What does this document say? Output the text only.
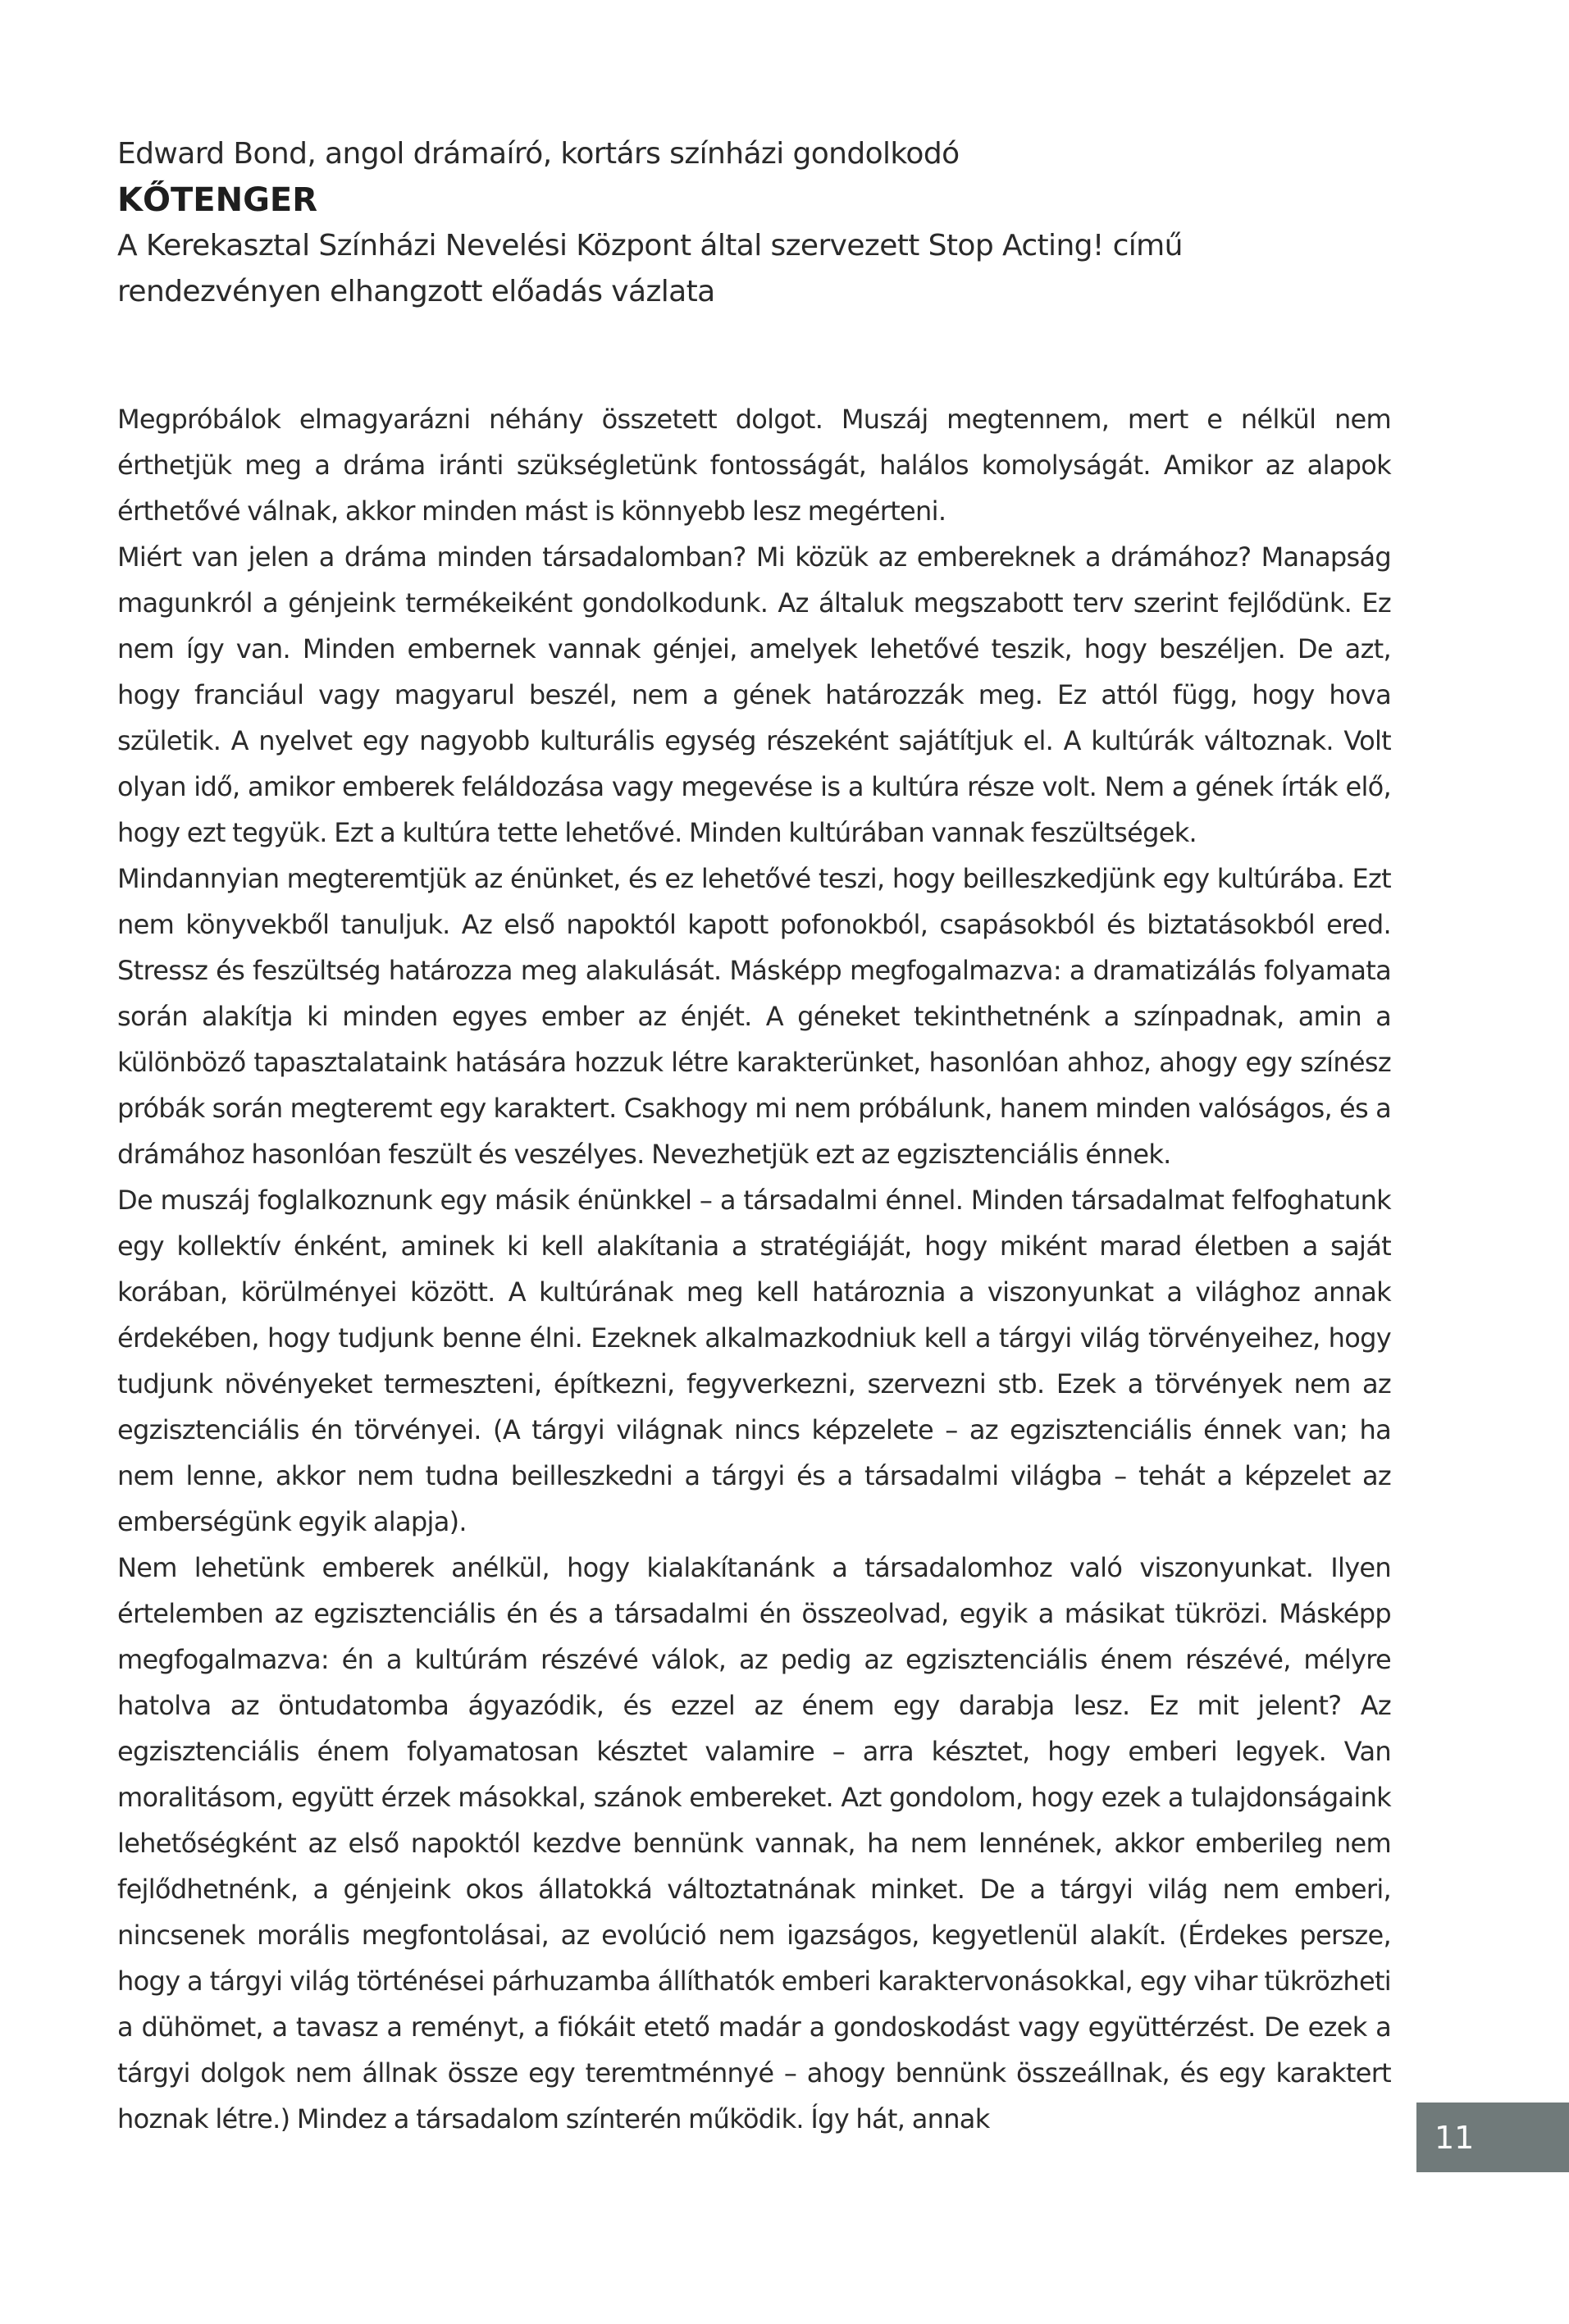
Edward Bond, angol drámaíró, kortárs színházi gondolkodó

KŐTENGER

A Kerekasztal Színházi Nevelési Központ által szervezett Stop Acting! című rendezvényen elhangzott előadás vázlata

Megpróbálok elmagyarázni néhány összetett dolgot. Muszáj megtennem, mert e nélkül nem érthetjük meg a dráma iránti szükségletünk fontosságát, halálos komolyságát. Amikor az alapok érthetővé válnak, akkor minden mást is könnyebb lesz megérteni.

Miért van jelen a dráma minden társadalomban? Mi közük az embereknek a drámához? Manapság magunkról a génjeink termékeiként gondolkodunk. Az általuk megszabott terv szerint fejlődünk. Ez nem így van. Minden embernek vannak génjei, amelyek lehetővé teszik, hogy beszéljen. De azt, hogy franciául vagy magyarul beszél, nem a gének határozzák meg. Ez attól függ, hogy hova születik. A nyelvet egy nagyobb kulturális egység részeként sajátítjuk el. A kultúrák változnak. Volt olyan idő, amikor emberek feláldozása vagy megevése is a kultúra része volt. Nem a gének írták elő, hogy ezt tegyük. Ezt a kultúra tette lehetővé. Minden kultúrában vannak feszültségek.

Mindannyian megteremtjük az énünket, és ez lehetővé teszi, hogy beilleszkedjünk egy kultúrába. Ezt nem könyvekből tanuljuk. Az első napoktól kapott pofonokból, csapásokból és biztatásokból ered. Stressz és feszültség határozza meg alakulását. Másképp megfogalmazva: a dramatizálás folyamata során alakítja ki minden egyes ember az énjét. A géneket tekinthetnénk a színpadnak, amin a különböző tapasztalataink hatására hozzuk létre karakterünket, hasonlóan ahhoz, ahogy egy színész próbák során megteremt egy karaktert. Csakhogy mi nem próbálunk, hanem minden valóságos, és a drámához hasonlóan feszült és veszélyes. Nevezhetjük ezt az egzisztenciális énnek.

De muszáj foglalkoznunk egy másik énünkkel – a társadalmi énnel. Minden társadalmat felfoghatunk egy kollektív énként, aminek ki kell alakítania a stratégiáját, hogy miként marad életben a saját korában, körülményei között. A kultúrának meg kell határoznia a viszonyunkat a világhoz annak érdekében, hogy tudjunk benne élni. Ezeknek alkalmazkodniuk kell a tárgyi világ törvényeihez, hogy tudjunk növényeket termeszteni, építkezni, fegyverkezni, szervezni stb. Ezek a törvények nem az egzisztenciális én törvényei. (A tárgyi világnak nincs képzelete – az egzisztenciális énnek van; ha nem lenne, akkor nem tudna beilleszkedni a tárgyi és a társadalmi világba – tehát a képzelet az emberségünk egyik alapja).

Nem lehetünk emberek anélkül, hogy kialakítanánk a társadalomhoz való viszonyunkat. Ilyen értelemben az egzisztenciális én és a társadalmi én összeolvad, egyik a másikat tükrözi. Másképp megfogalmazva: én a kultúrám részévé válok, az pedig az egzisztenciális énem részévé, mélyre hatolva az öntudatomba ágyazódik, és ezzel az énem egy darabja lesz. Ez mit jelent? Az egzisztenciális énem folyamatosan késztet valamire – arra késztet, hogy emberi legyek. Van moralitásom, együtt érzek másokkal, szánok embereket. Azt gondolom, hogy ezek a tulajdonságaink lehetőségként az első napoktól kezdve bennünk vannak, ha nem lennének, akkor emberileg nem fejlődhetnénk, a génjeink okos állatokká változtatnának minket. De a tárgyi világ nem emberi, nincsenek morális megfontolásai, az evolúció nem igazságos, kegyetlenül alakít. (Érdekes persze, hogy a tárgyi világ történései párhuzamba állíthatók emberi karaktervonásokkal, egy vihar tükrözheti a dühömet, a tavasz a reményt, a fiókáit etető madár a gondoskodást vagy együttérzést. De ezek a tárgyi dolgok nem állnak össze egy teremtménnyé – ahogy bennünk összeállnak, és egy karaktert hoznak létre.) Mindez a társadalom színterén működik. Így hát, annak

11
